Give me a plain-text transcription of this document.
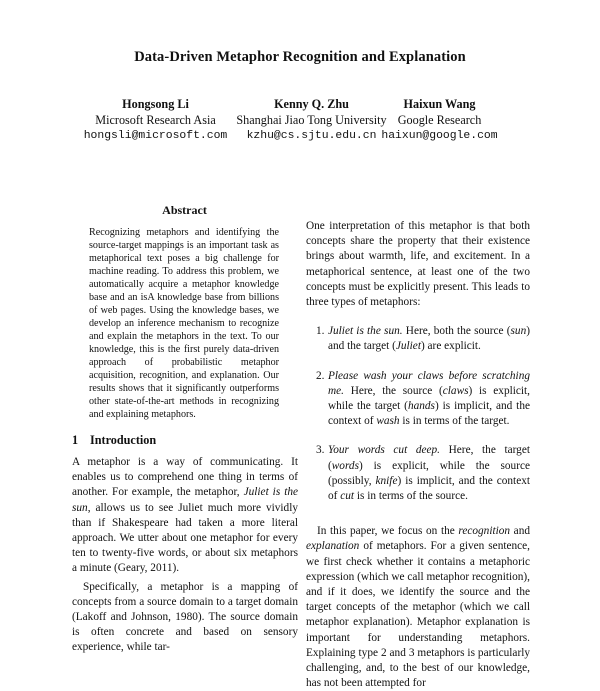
Data-Driven Metaphor Recognition and Explanation
Hongsong Li
Microsoft Research Asia
hongsli@microsoft.com
Kenny Q. Zhu
Shanghai Jiao Tong University
kzhu@cs.sjtu.edu.cn
Haixun Wang
Google Research
haixun@google.com
Abstract

Recognizing metaphors and identifying the source-target mappings is an important task as metaphorical text poses a big challenge for machine reading. To address this problem, we automatically acquire a metaphor knowledge base and an isA knowledge base from billions of web pages. Using the knowledge bases, we develop an inference mechanism to recognize and explain the metaphors in the text. To our knowledge, this is the first purely data-driven approach of probabilistic metaphor acquisition, recognition, and explanation. Our results shows that it significantly outperforms other state-of-the-art methods in recognizing and explaining metaphors.

1 Introduction

A metaphor is a way of communicating. It enables us to comprehend one thing in terms of another. For example, the metaphor, Juliet is the sun, allows us to see Juliet much more vividly than if Shakespeare had taken a more literal approach. We utter about one metaphor for every ten to twenty-five words, or about six metaphors a minute (Geary, 2011).

Specifically, a metaphor is a mapping of concepts from a source domain to a target domain (Lakoff and Johnson, 1980). The source domain is often concrete and based on sensory experience, while tar-

One interpretation of this metaphor is that both concepts share the property that their existence brings about warmth, life, and excitement. In a metaphorical sentence, at least one of the two concepts must be explicitly present. This leads to three types of metaphors:

1. Juliet is the sun. Here, both the source (sun) and the target (Juliet) are explicit.
2. Please wash your claws before scratching me. Here, the source (claws) is explicit, while the target (hands) is implicit, and the context of wash is in terms of the target.
3. Your words cut deep. Here, the target (words) is explicit, while the source (possibly, knife) is implicit, and the context of cut is in terms of the source.

In this paper, we focus on the recognition and explanation of metaphors. For a given sentence, we first check whether it contains a metaphoric expression (which we call metaphor recognition), and if it does, we identify the source and the target concepts of the metaphor (which we call metaphor explanation). Metaphor explanation is important for understanding metaphors. Explaining type 2 and 3 metaphors is particularly challenging, and, to the best of our knowledge, has not been attempted for
